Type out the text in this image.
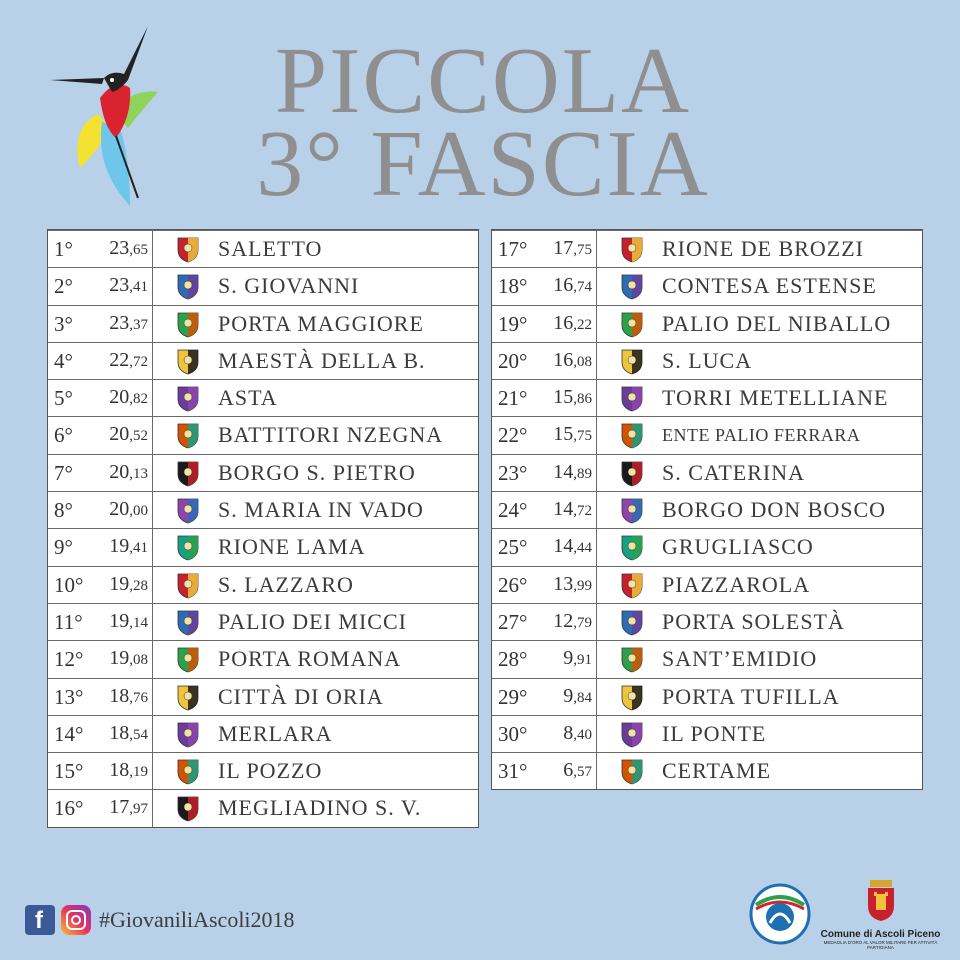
PICCOLA
3° FASCIA
1°	23,65	SALETTO
2°	23,41	S. GIOVANNI
3°	23,37	PORTA MAGGIORE
4°	22,72	MAESTÀ DELLA B.
5°	20,82	ASTA
6°	20,52	BATTITORI NZEGNA
7°	20,13	BORGO S. PIETRO
8°	20,00	S. MARIA IN VADO
9°	19,41	RIONE LAMA
10°	19,28	S. LAZZARO
11°	19,14	PALIO DEI MICCI
12°	19,08	PORTA ROMANA
13°	18,76	CITTÀ DI ORIA
14°	18,54	MERLARA
15°	18,19	IL POZZO
16°	17,97	MEGLIADINO S. V.
17°	17,75	RIONE DE BROZZI
18°	16,74	CONTESA ESTENSE
19°	16,22	PALIO DEL NIBALLO
20°	16,08	S. LUCA
21°	15,86	TORRI METELLIANE
22°	15,75	ENTE PALIO FERRARA
23°	14,89	S. CATERINA
24°	14,72	BORGO DON BOSCO
25°	14,44	GRUGLIASCO
26°	13,99	PIAZZAROLA
27°	12,79	PORTA SOLESTÀ
28°	9,91	SANT’EMIDIO
29°	9,84	PORTA TUFILLA
30°	8,40	IL PONTE
31°	6,57	CERTAME
f	#GiovaniliAscoli2018
Comune di Ascoli Piceno
MEDAGLIA D'ORO AL VALOR MILITARE PER ATTIVITÀ PARTIGIANA
